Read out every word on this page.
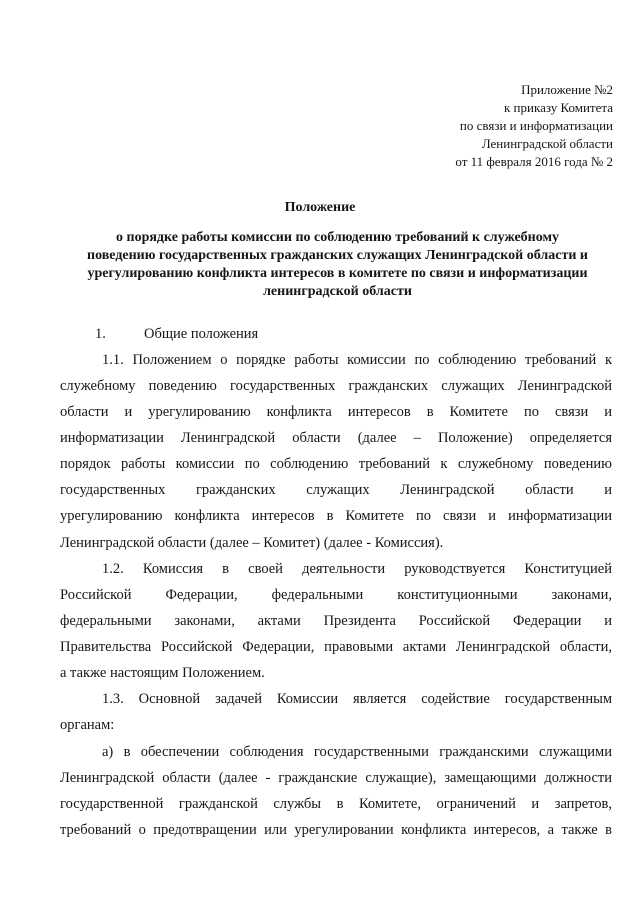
Приложение №2
к приказу Комитета
по связи и информатизации
Ленинградской области
от 11 февраля 2016 года № 2
Положение
о порядке работы комиссии по соблюдению требований к служебному
поведению государственных гражданских служащих Ленинградской области и
урегулированию конфликта интересов в комитете по связи и информатизации
ленинградской области
1.	Общие положения
1.1. Положением о порядке работы комиссии по соблюдению требований к
служебному поведению государственных гражданских служащих Ленинградской
области и урегулированию конфликта интересов в Комитете по связи и
информатизации Ленинградской области (далее – Положение) определяется
порядок работы комиссии по соблюдению требований к служебному поведению
государственных гражданских служащих Ленинградской области и
урегулированию конфликта интересов в Комитете по связи и информатизации
Ленинградской области (далее – Комитет) (далее - Комиссия).
1.2. Комиссия в своей деятельности руководствуется Конституцией
Российской Федерации, федеральными конституционными законами,
федеральными законами, актами Президента Российской Федерации и
Правительства Российской Федерации, правовыми актами Ленинградской области,
а также настоящим Положением.
1.3. Основной задачей Комиссии является содействие государственным
органам:
а) в обеспечении соблюдения государственными гражданскими служащими
Ленинградской области (далее - гражданские служащие), замещающими должности
государственной гражданской службы в Комитете, ограничений и запретов,
требований о предотвращении или урегулировании конфликта интересов, а также в
